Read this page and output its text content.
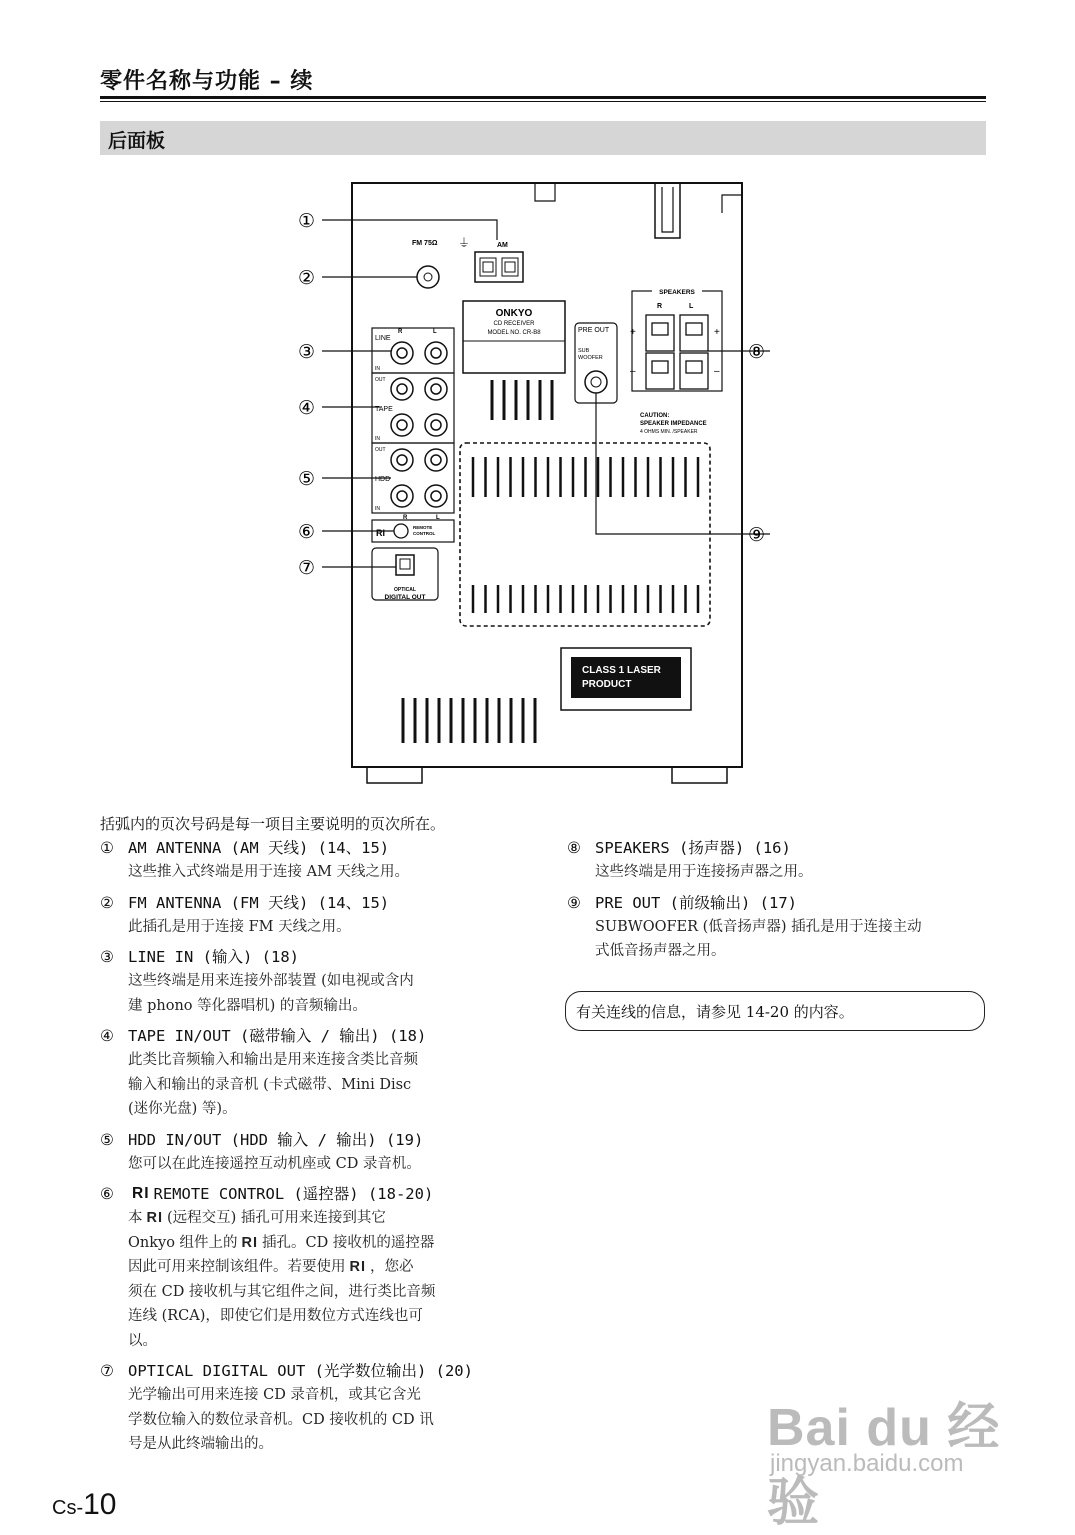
零件名称与功能 – 续
后面板
AM
⏚
FM 75Ω
ONKYO
CD RECEIVER
MODEL NO. CR-B8	PRE OUT
SUB
WOOFER
SPEAKERS
R	L
+	+
–	–
CAUTION:
SPEAKER IMPEDANCE
4 OHMS MIN. /SPEAKER
LINE
IN
R	L
OUT
TAPE
IN
OUT
HDD
IN
R	L
RI
REMOTE
CONTROL
OPTICAL
DIGITAL OUT
CLASS 1 LASER
PRODUCT
①
②
③
④
⑤
⑥
⑦
⑧
⑨
括弧内的页次号码是每一项目主要说明的页次所在。
① AM ANTENNA (AM 天线) (14、15)
这些推入式终端是用于连接 AM 天线之用。
② FM ANTENNA (FM 天线) (14、15)
此插孔是用于连接 FM 天线之用。
③ LINE IN (输入) (18)
这些终端是用来连接外部装置 (如电视或含内
建 phono 等化器唱机) 的音频输出。
④ TAPE IN/OUT (磁带输入 / 输出) (18)
此类比音频输入和输出是用来连接含类比音频
输入和输出的录音机 (卡式磁带、Mini Disc
(迷你光盘) 等)。
⑤ HDD IN/OUT (HDD 输入 / 输出) (19)
您可以在此连接遥控互动机座或 CD 录音机。
⑥	RI REMOTE CONTROL (遥控器) (18-20)
本 RI (远程交互) 插孔可用来连接到其它
Onkyo 组件上的 RI 插孔。CD 接收机的遥控器
因此可用来控制该组件。若要使用 RI ，您必
须在 CD 接收机与其它组件之间，进行类比音频
连线 (RCA)，即使它们是用数位方式连线也可
以。
⑦ OPTICAL DIGITAL OUT (光学数位输出) (20)
光学输出可用来连接 CD 录音机，或其它含光
学数位输入的数位录音机。CD 接收机的 CD 讯
号是从此终端输出的。
⑧ SPEAKERS (扬声器) (16)
这些终端是用于连接扬声器之用。
⑨ PRE OUT (前级输出) (17)
SUBWOOFER (低音扬声器) 插孔是用于连接主动
式低音扬声器之用。
有关连线的信息，请参见 14-20 的内容。
Cs-10
Bai du 经验
jingyan.baidu.com
